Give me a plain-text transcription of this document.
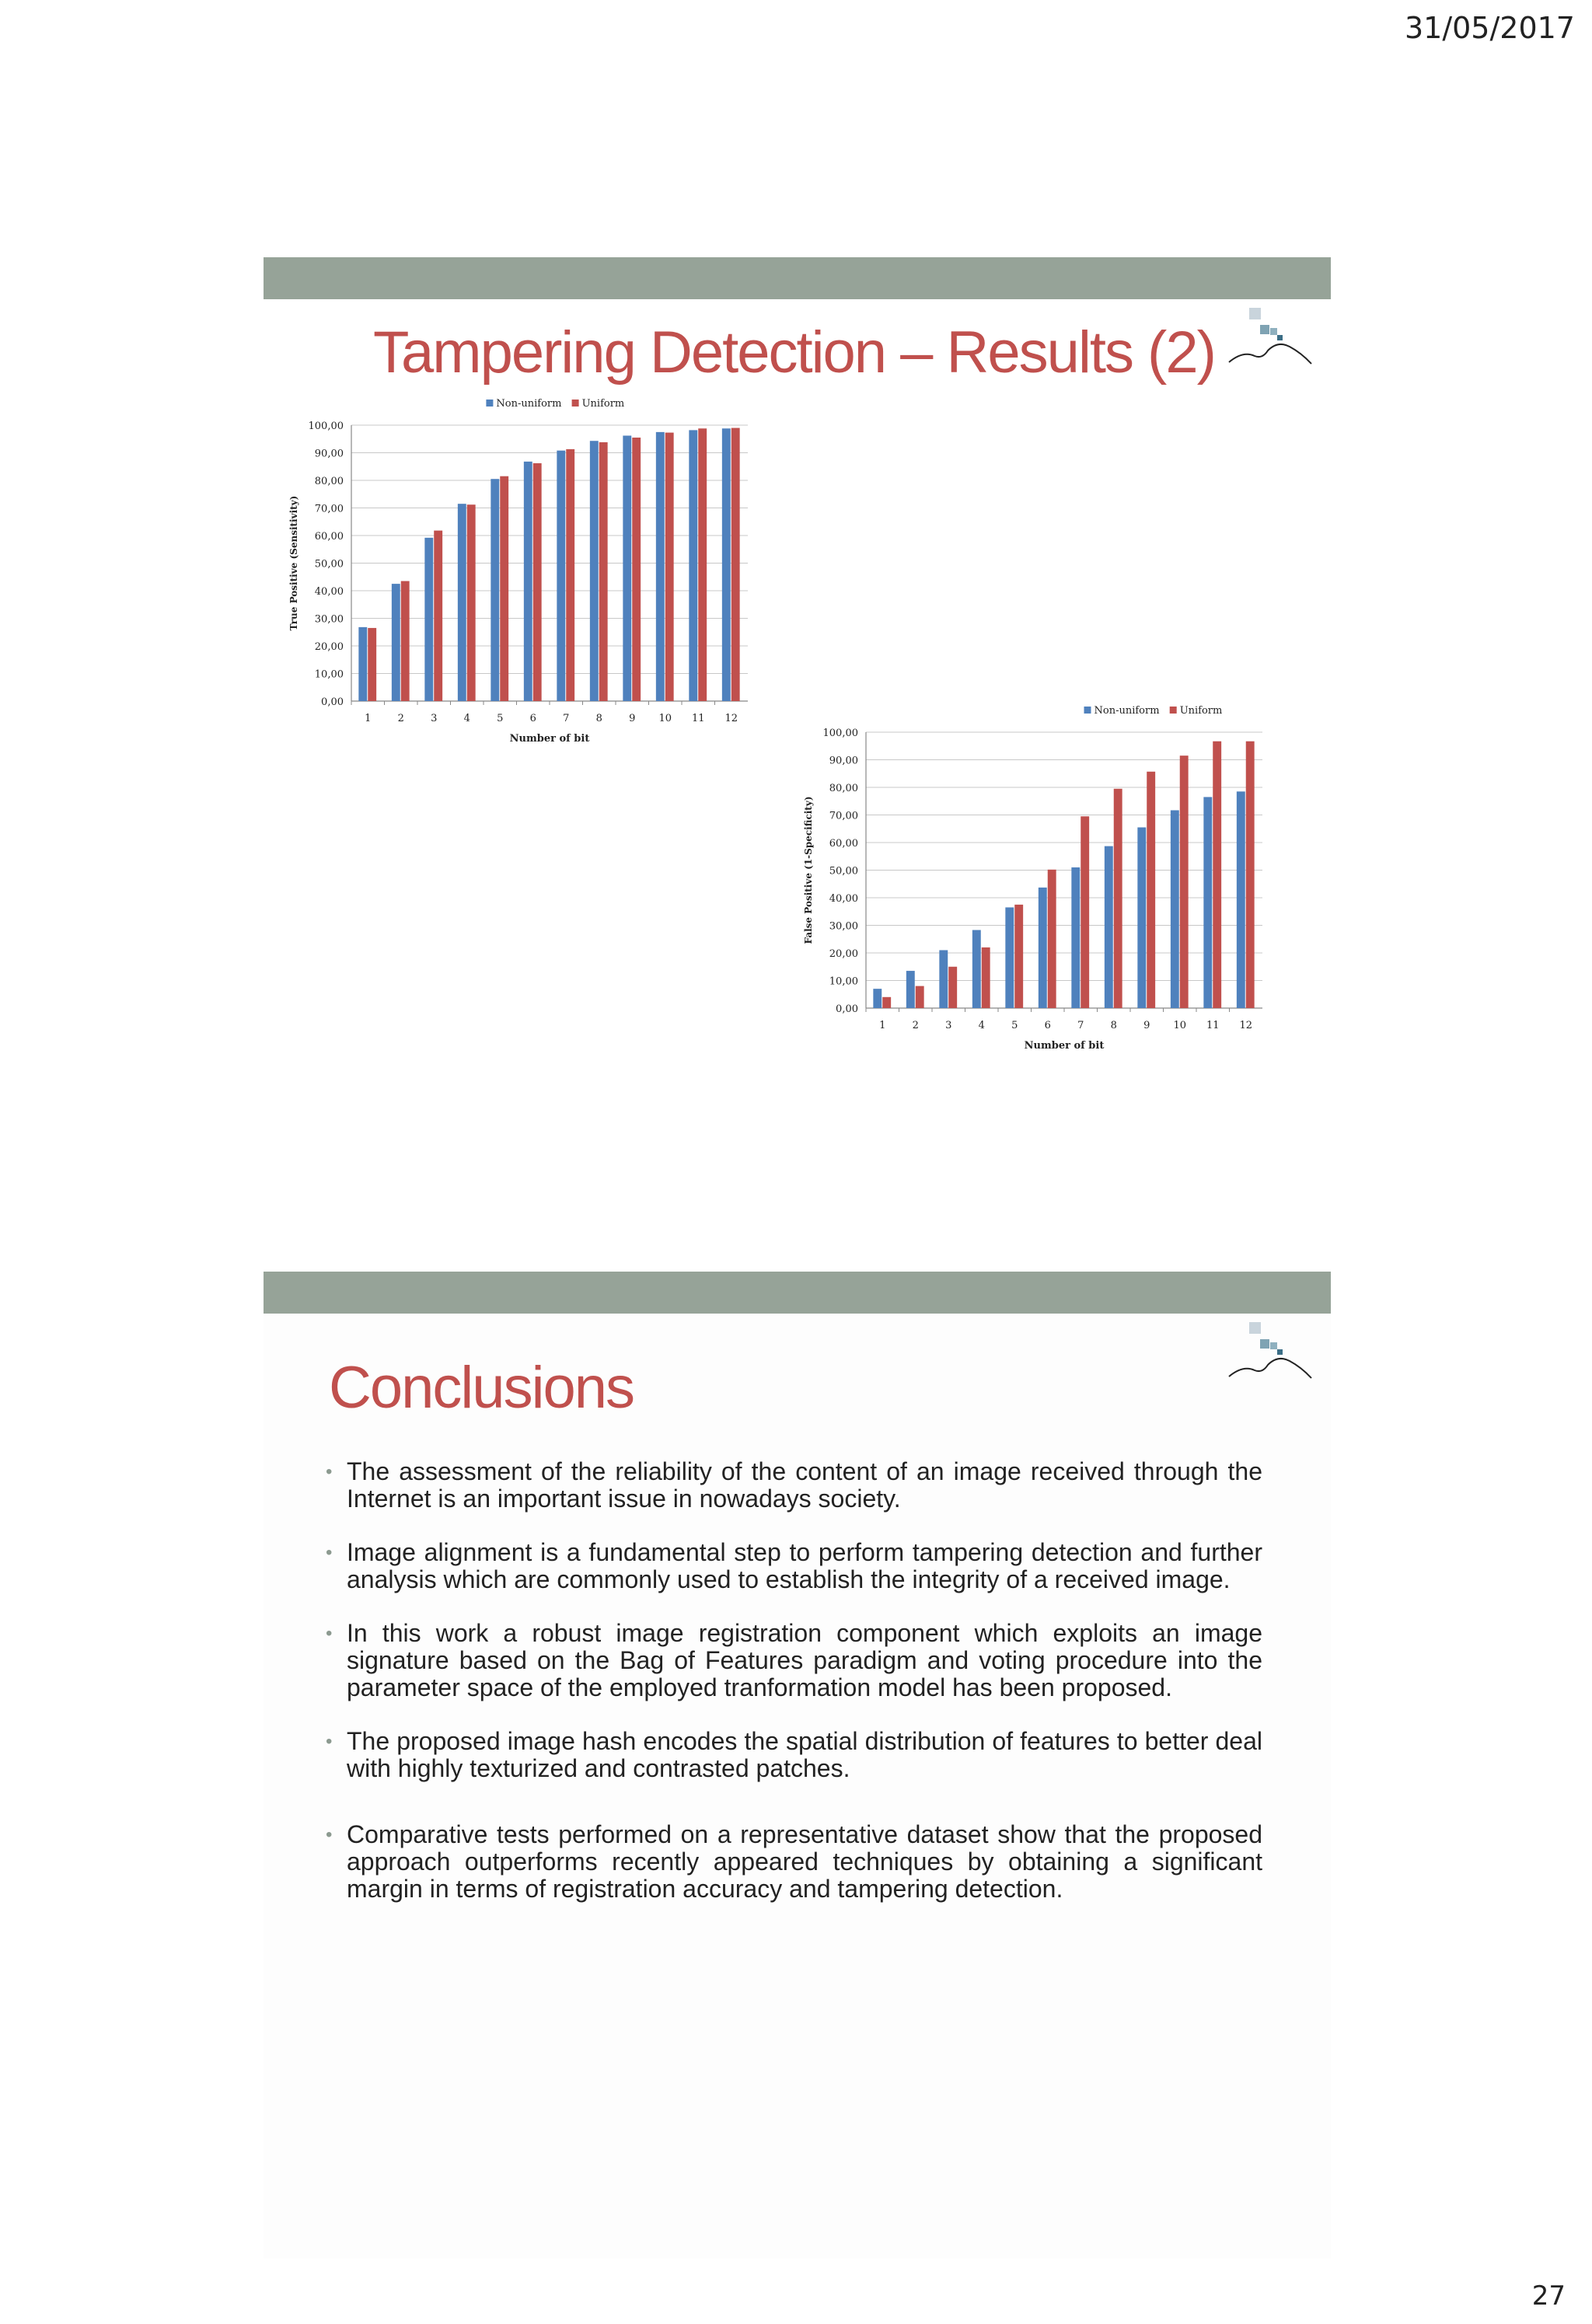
31/05/2017
Tampering Detection – Results (2)
Non-uniform Uniform
0,00
10,00
20,00
30,00
40,00
50,00
60,00
70,00
80,00
90,00
100,00
1	2	3	4	5	6	7	8	9 10 11 12
Number of bit
True Positive (Sensitivity)
Non-uniform Uniform
0,00
10,00
20,00
30,00
40,00
50,00
60,00
70,00
80,00
90,00
100,00
1	2	3	4	5	6	7	8	9 10 11 12
Number of bit
False Positive (1-Specificity)
Conclusions
• The assessment of the reliability of the content of an image received through the Internet is an important issue in nowadays society.
• Image alignment is a fundamental step to perform tampering detection and further analysis which are commonly used to establish the integrity of a received image.
• In this work a robust image registration component which exploits an image signature based on the Bag of Features paradigm and voting procedure into the parameter space of the employed tranformation model has been proposed.
• The proposed image hash encodes the spatial distribution of features to better deal with highly texturized and contrasted patches.
• Comparative tests performed on a representative dataset show that the proposed approach outperforms recently appeared techniques by obtaining a significant margin in terms of registration accuracy and tampering detection.
27
